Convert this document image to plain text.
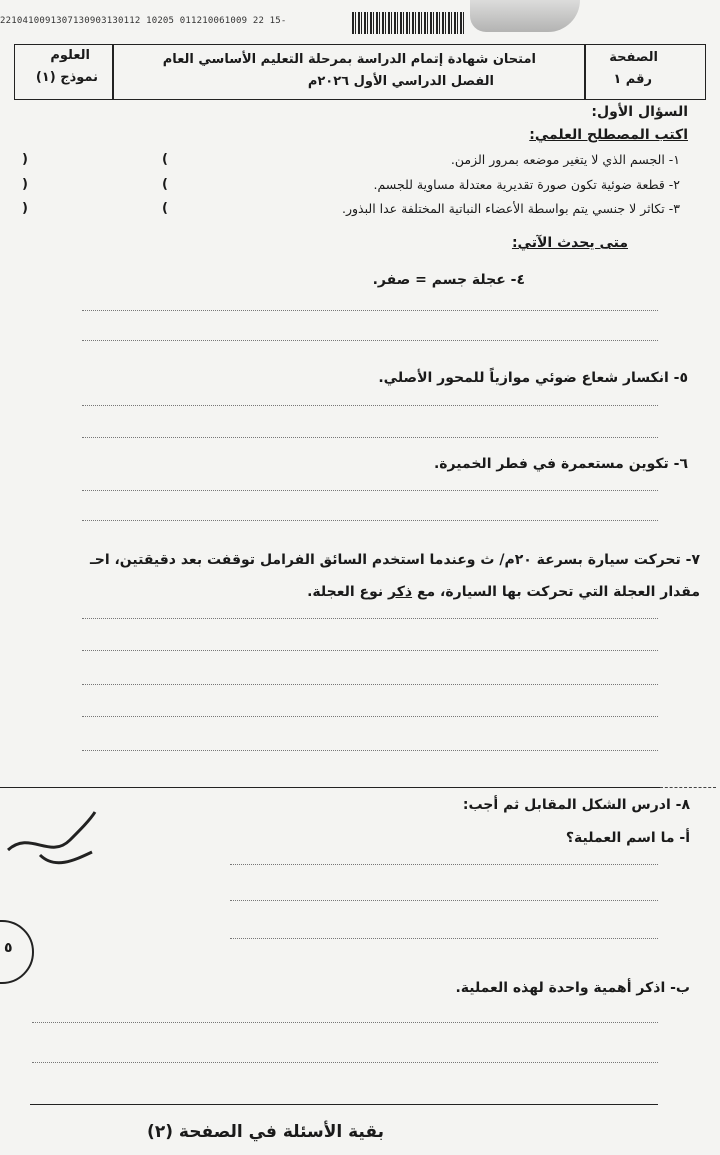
2210410091307130903130112 10205 011210061009 22 15-
الصفحة
رقم ١
امتحان شهادة إتمام الدراسة بمرحلة التعليم الأساسي العام
الفصل الدراسي الأول ٢٠٢٦م
العلوم
نموذج (١)
السؤال الأول:
اكتب المصطلح العلمي:
١- الجسم الذي لا يتغير موضعه بمرور الزمن.
(
)
٢- قطعة ضوئية تكون صورة تقديرية معتدلة مساوية للجسم.
(
)
٣- تكاثر لا جنسي يتم بواسطة الأعضاء النباتية المختلفة عدا البذور.
(
)
متى يحدث الآتي:
٤- عجلة جسم = صفر.
٥- انكسار شعاع ضوئي موازياً للمحور الأصلي.
٦- تكوين مستعمرة في فطر الخميرة.
٧- تحركت سيارة بسرعة ٢٠م/ ث وعندما استخدم السائق الفرامل توقفت بعد دقيقتين، احـ
مقدار العجلة التي تحركت بها السيارة، مع ذكر نوع العجلة.
٨- ادرس الشكل المقابل ثم أجب:
أ- ما اسم العملية؟
ب- اذكر أهمية واحدة لهذه العملية.
٥
بقية الأسئلة في الصفحة (٢)
